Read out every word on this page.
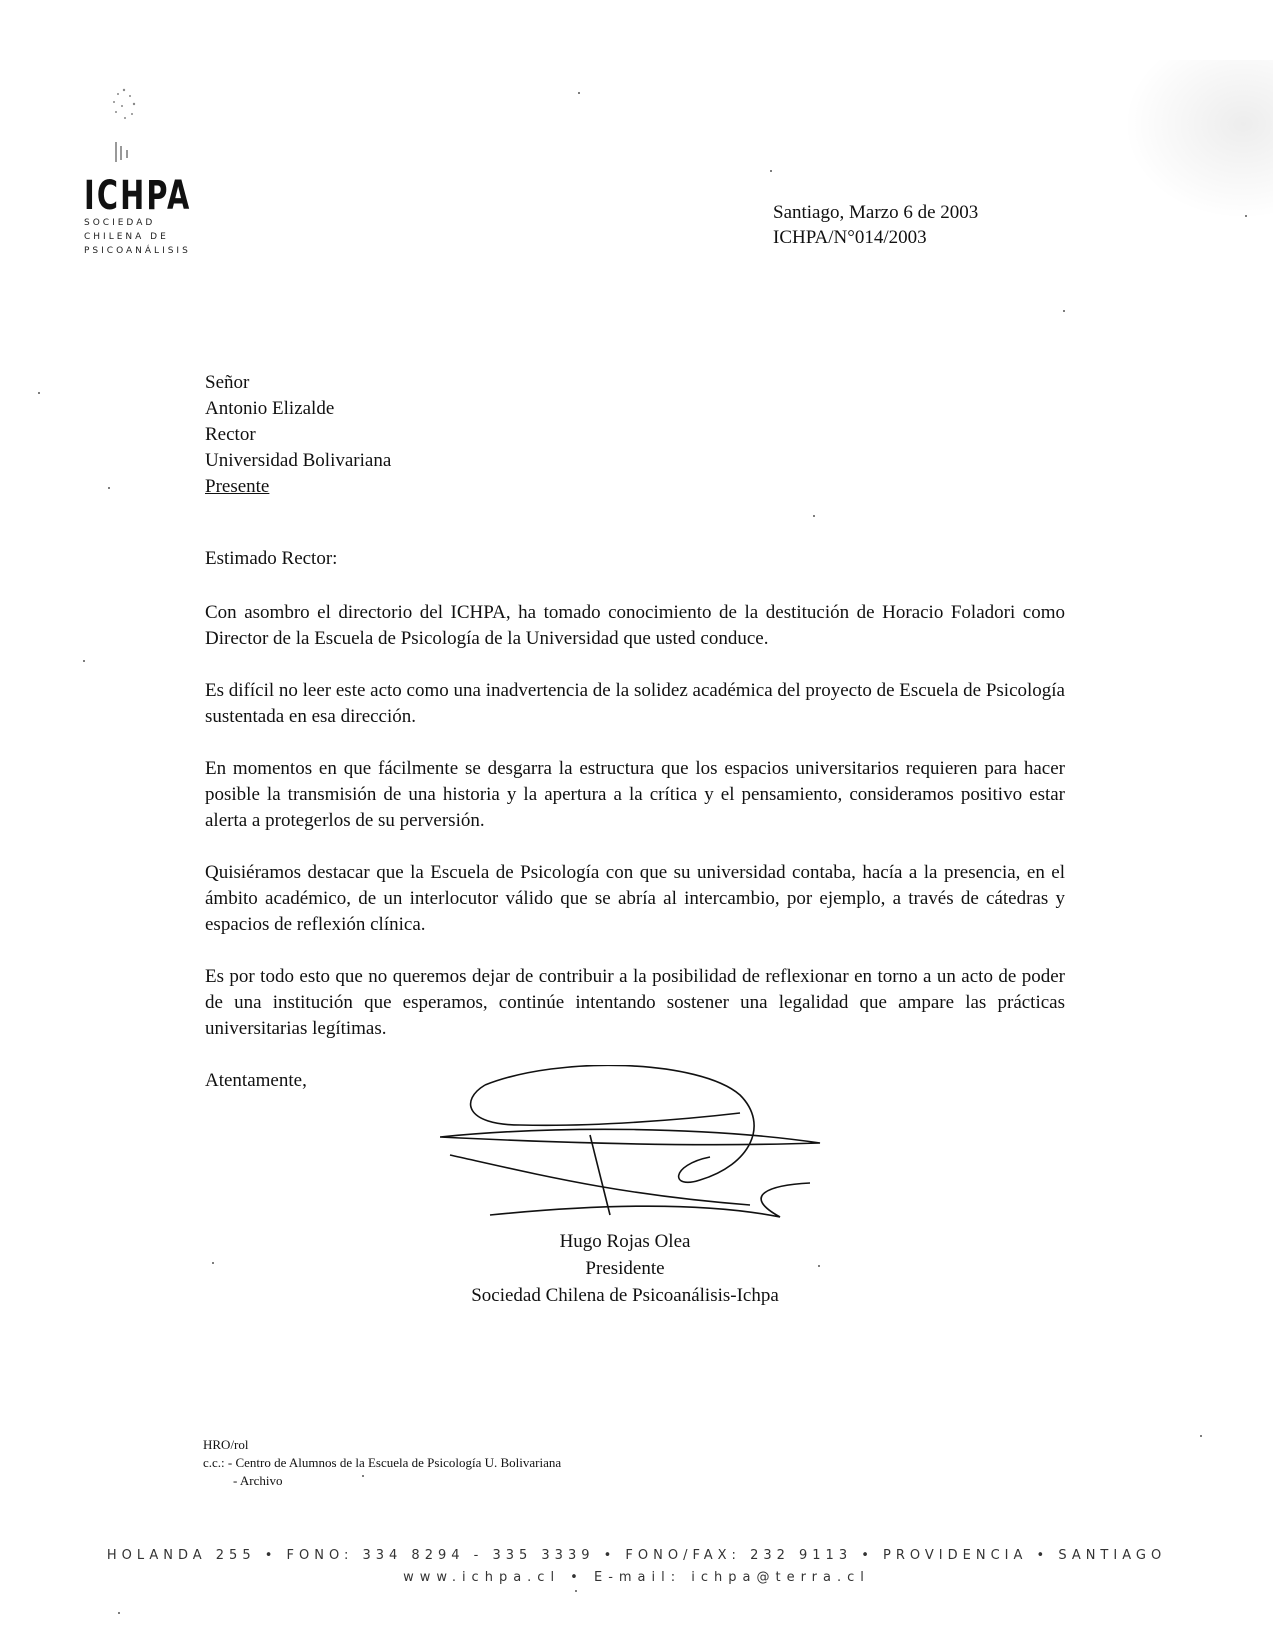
ICHPA
SOCIEDAD
CHILENA DE
PSICOANÁLISIS
Santiago, Marzo 6 de 2003
ICHPA/N°014/2003
Señor
Antonio Elizalde
Rector
Universidad Bolivariana
Presente
Estimado Rector:

Con asombro el directorio del ICHPA, ha tomado conocimiento de la destitución de Horacio Foladori como Director de la Escuela de Psicología de la Universidad que usted conduce.

Es difícil no leer este acto como una inadvertencia de la solidez académica del proyecto de Escuela de Psicología sustentada en esa dirección.

En momentos en que fácilmente se desgarra la estructura que los espacios universitarios requieren para hacer posible la transmisión de una historia y la apertura a la crítica y el pensamiento, consideramos positivo estar alerta a protegerlos de su perversión.

Quisiéramos destacar que la Escuela de Psicología con que su universidad contaba, hacía a la presencia, en el ámbito académico, de un interlocutor válido que se abría al intercambio, por ejemplo, a través de cátedras y espacios de reflexión clínica.

Es por todo esto que no queremos dejar de contribuir a la posibilidad de reflexionar en torno a un acto de poder de una institución que esperamos, continúe intentando sostener una legalidad que ampare las prácticas universitarias legítimas.

Atentamente,
Hugo Rojas Olea
Presidente
Sociedad Chilena de Psicoanálisis-Ichpa
HRO/rol
c.c.: - Centro de Alumnos de la Escuela de Psicología U. Bolivariana
- Archivo
HOLANDA 255 • FONO: 334 8294 - 335 3339 • FONO/FAX: 232 9113 • PROVIDENCIA • SANTIAGO
www.ichpa.cl • E-mail: ichpa@terra.cl
